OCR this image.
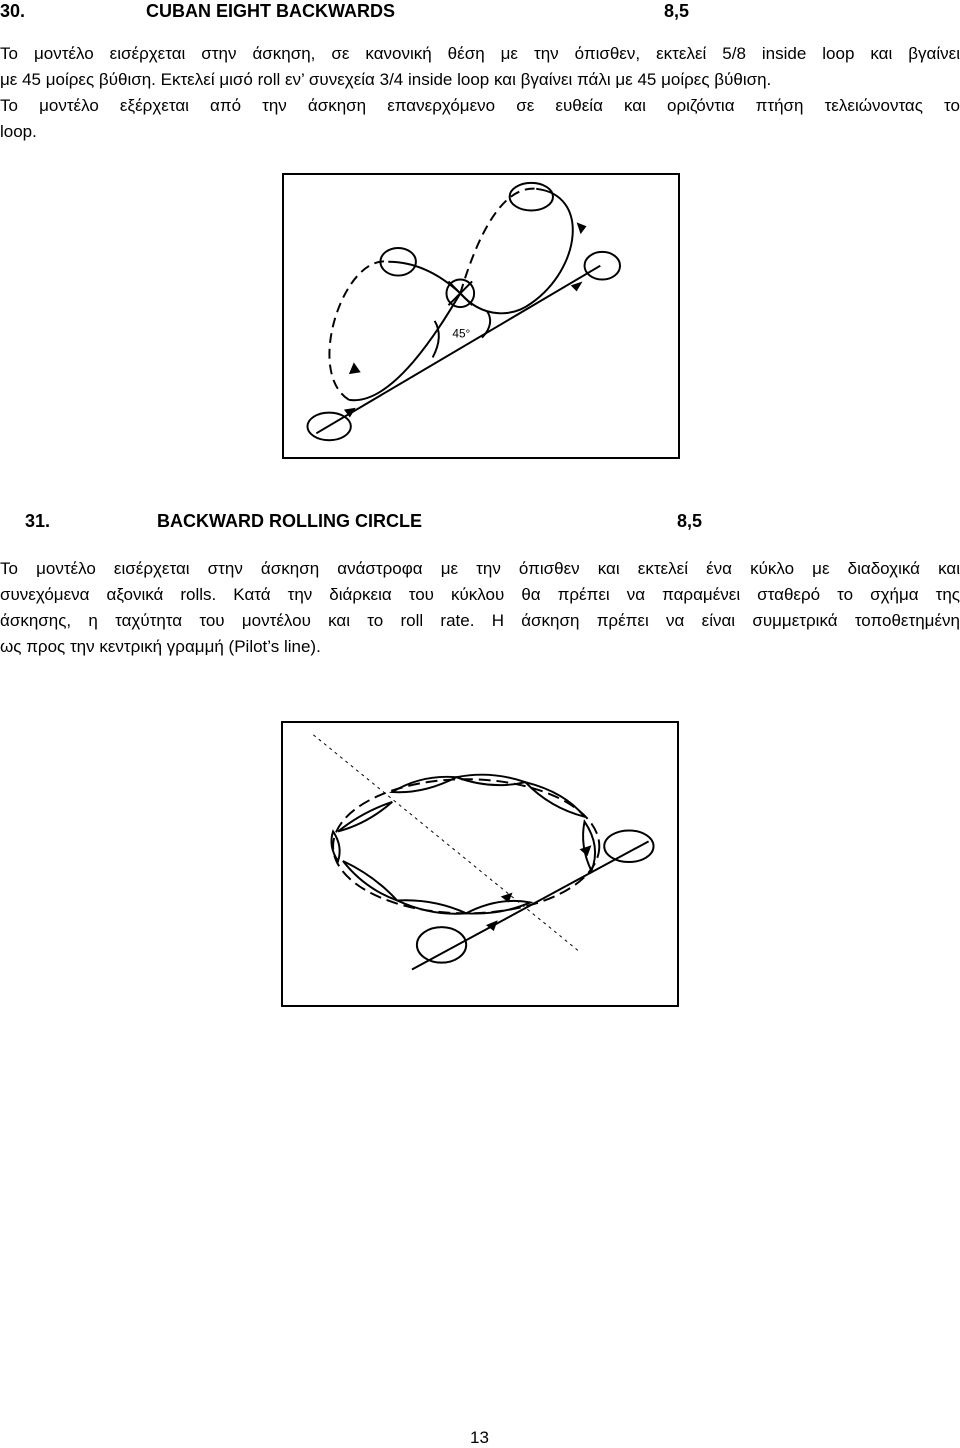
30.	CUBAN EIGHT BACKWARDS	8,5
Το μοντέλο εισέρχεται στην άσκηση, σε κανονική θέση με την όπισθεν, εκτελεί 5/8 inside loop και βγαίνει
με 45 μοίρες βύθιση. Εκτελεί μισό roll εν’ συνεχεία 3/4 inside loop και βγαίνει πάλι με 45 μοίρες βύθιση.
Το μοντέλο εξέρχεται από την άσκηση επανερχόμενο σε ευθεία και οριζόντια πτήση τελειώνοντας το
loop.
45°
31.	BACKWARD ROLLING CIRCLE	8,5
Το μοντέλο εισέρχεται στην άσκηση ανάστροφα με την όπισθεν και εκτελεί ένα κύκλο με διαδοχικά και
συνεχόμενα αξονικά rolls. Κατά την διάρκεια του κύκλου θα πρέπει να παραμένει σταθερό το σχήμα της
άσκησης, η ταχύτητα του μοντέλου και το roll rate. Η άσκηση πρέπει να είναι συμμετρικά τοποθετημένη
ως προς την κεντρική γραμμή (Pilot’s line).
13
